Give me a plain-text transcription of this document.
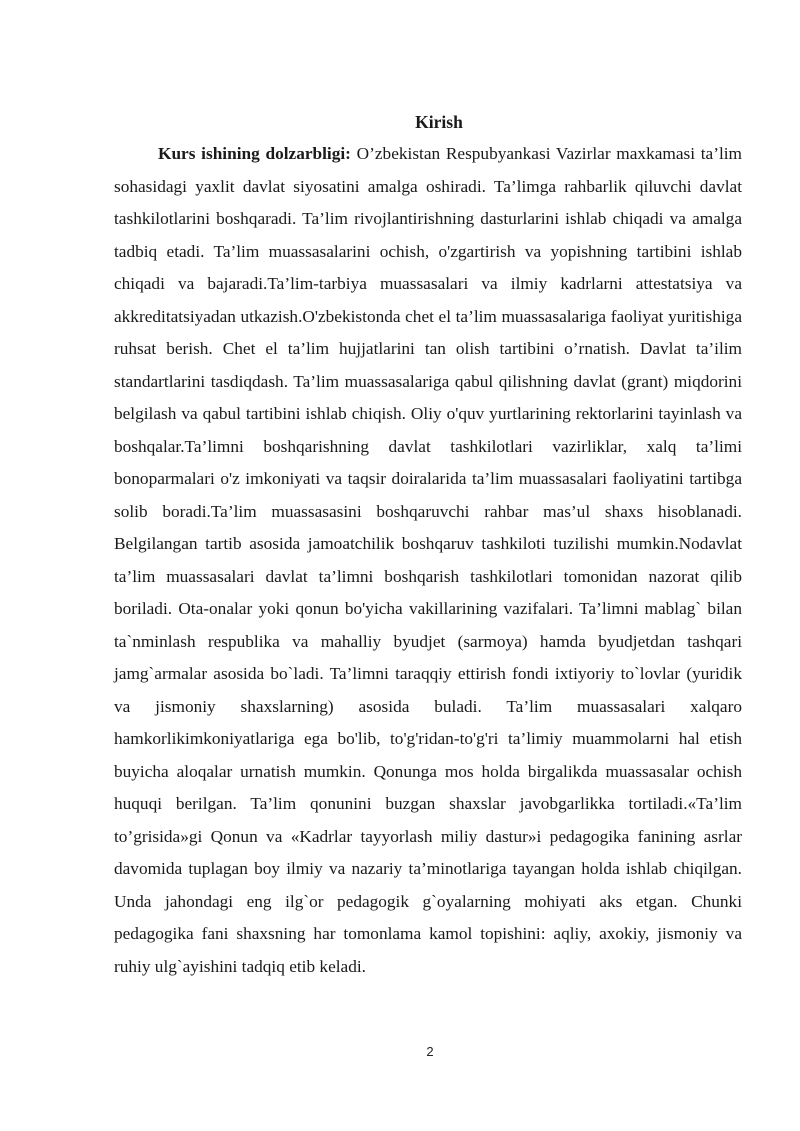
Kirish

Kurs ishining dolzarbligi: O’zbekistan Respubyankasi Vazirlar maxkamasi ta’lim sohasidagi yaxlit davlat siyosatini amalga oshiradi. Ta’limga rahbarlik qiluvchi davlat tashkilotlarini boshqaradi. Ta’lim rivojlantirishning dasturlarini ishlab chiqadi va amalga tadbiq etadi. Ta’lim muassasalarini ochish, o'zgartirish va yopishning tartibini ishlab chiqadi va bajaradi.Ta’lim-tarbiya muassasalari va ilmiy kadrlarni attestatsiya va akkreditatsiyadan utkazish.O'zbekistonda chet el ta’lim muassasalariga faoliyat yuritishiga ruhsat berish. Chet el ta’lim hujjatlarini tan olish tartibini o’rnatish. Davlat ta’ilim standartlarini tasdiqdash. Ta’lim muassasalariga qabul qilishning davlat (grant) miqdorini belgilash va qabul tartibini ishlab chiqish. Oliy o'quv yurtlarining rektorlarini tayinlash va boshqalar.Ta’limni boshqarishning davlat tashkilotlari vazirliklar, xalq ta’limi bonoparmalari o'z imkoniyati va taqsir doiralarida ta’lim muassasalari faoliyatini tartibga solib boradi.Ta’lim muassasasini boshqaruvchi rahbar mas’ul shaxs hisoblanadi. Belgilangan tartib asosida jamoatchilik boshqaruv tashkiloti tuzilishi mumkin.Nodavlat ta’lim muassasalari davlat ta’limni boshqarish tashkilotlari tomonidan nazorat qilib boriladi. Ota-onalar yoki qonun bo'yicha vakillarining vazifalari. Ta’limni mablag` bilan ta`nminlash respublika va mahalliy byudjet (sarmoya) hamda byudjetdan tashqari jamg`armalar asosida bo`ladi. Ta’limni taraqqiy ettirish fondi ixtiyoriy to`lovlar (yuridik va jismoniy shaxslarning) asosida buladi. Ta’lim muassasalari xalqaro hamkorlikimkoniyatlariga ega bo'lib, to'g'ridan-to'g'ri ta’limiy muammolarni hal etish buyicha aloqalar urnatish mumkin. Qonunga mos holda birgalikda muassasalar ochish huquqi berilgan. Ta’lim qonunini buzgan shaxslar javobgarlikka tortiladi.«Ta’lim to’grisida»gi Qonun va «Kadrlar tayyorlash miliy dastur»i pedagogika fanining asrlar davomida tuplagan boy ilmiy va nazariy ta’minotlariga tayangan holda ishlab chiqilgan. Unda jahondagi eng ilg`or pedagogik g`oyalarning mohiyati aks etgan. Chunki pedagogika fani shaxsning har tomonlama kamol topishini: aqliy, axokiy, jismoniy va ruhiy ulg`ayishini tadqiq etib keladi.

2
